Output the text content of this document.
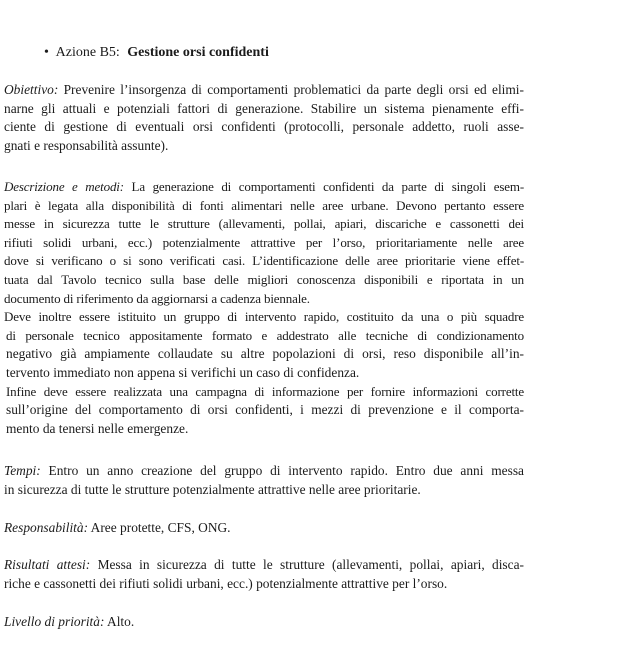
• Azione B5: Gestione orsi confidenti
Obiettivo: Prevenire l’insorgenza di comportamenti problematici da parte degli orsi ed elimi-
narne gli attuali e potenziali fattori di generazione. Stabilire un sistema pienamente effi-
ciente di gestione di eventuali orsi confidenti (protocolli, personale addetto, ruoli asse-
gnati e responsabilità assunte).
Descrizione e metodi: La generazione di comportamenti confidenti da parte di singoli esem-
plari è legata alla disponibilità di fonti alimentari nelle aree urbane. Devono pertanto essere
messe in sicurezza tutte le strutture (allevamenti, pollai, apiari, discariche e cassonetti dei
rifiuti solidi urbani, ecc.) potenzialmente attrattive per l’orso, prioritariamente nelle aree
dove si verificano o si sono verificati casi. L’identificazione delle aree prioritarie viene effet-
tuata dal Tavolo tecnico sulla base delle migliori conoscenza disponibili e riportata in un
documento di riferimento da aggiornarsi a cadenza biennale.
Deve inoltre essere istituito un gruppo di intervento rapido, costituito da una o più squadre
di personale tecnico appositamente formato e addestrato alle tecniche di condizionamento
negativo già ampiamente collaudate su altre popolazioni di orsi, reso disponibile all’in-
tervento immediato non appena si verifichi un caso di confidenza.
Infine deve essere realizzata una campagna di informazione per fornire informazioni corrette
sull’origine del comportamento di orsi confidenti, i mezzi di prevenzione e il comporta-
mento da tenersi nelle emergenze.
Tempi: Entro un anno creazione del gruppo di intervento rapido. Entro due anni messa
in sicurezza di tutte le strutture potenzialmente attrattive nelle aree prioritarie.
Responsabilità: Aree protette, CFS, ONG.
Risultati attesi: Messa in sicurezza di tutte le strutture (allevamenti, pollai, apiari, disca-
riche e cassonetti dei rifiuti solidi urbani, ecc.) potenzialmente attrattive per l’orso.
Livello di priorità: Alto.
